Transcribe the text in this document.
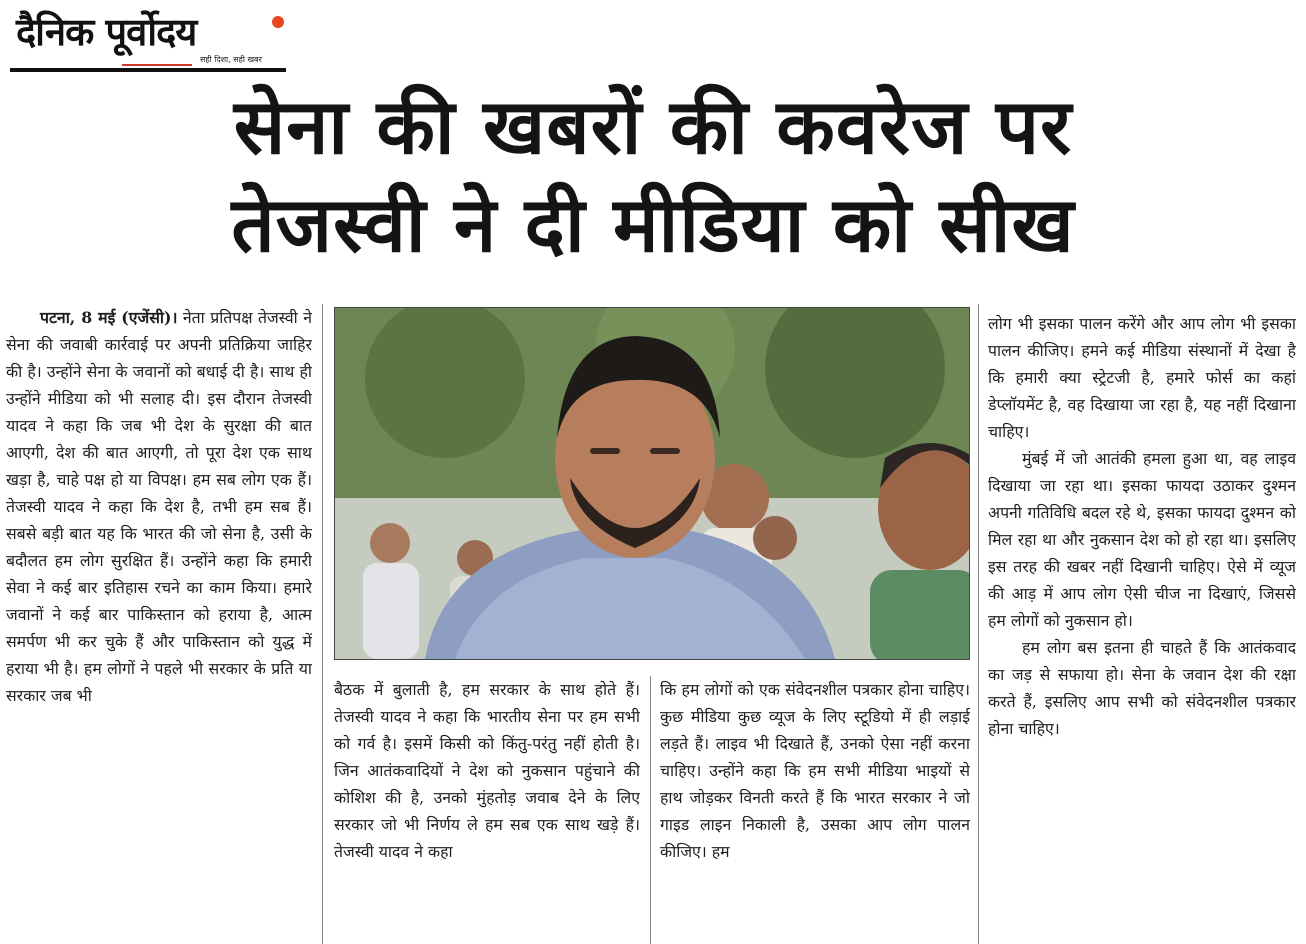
दैनिक पूर्वोदय
सही दिशा, सही खबर
सेना की खबरों की कवरेज पर
तेजस्वी ने दी मीडिया को सीख

पटना, 8 मई (एजेंसी)। नेता प्रतिपक्ष तेजस्वी ने सेना की जवाबी कार्रवाई पर अपनी प्रतिक्रिया जाहिर की है। उन्होंने सेना के जवानों को बधाई दी है। साथ ही उन्होंने मीडिया को भी सलाह दी। इस दौरान तेजस्वी यादव ने कहा कि जब भी देश के सुरक्षा की बात आएगी, देश की बात आएगी, तो पूरा देश एक साथ खड़ा है, चाहे पक्ष हो या विपक्ष। हम सब लोग एक हैं। तेजस्वी यादव ने कहा कि देश है, तभी हम सब हैं। सबसे बड़ी बात यह कि भारत की जो सेना है, उसी के बदौलत हम लोग सुरक्षित हैं। उन्होंने कहा कि हमारी सेवा ने कई बार इतिहास रचने का काम किया। हमारे जवानों ने कई बार पाकिस्तान को हराया है, आत्म समर्पण भी कर चुके हैं और पाकिस्तान को युद्ध में हराया भी है। हम लोगों ने पहले भी सरकार के प्रति या सरकार जब भी	बैठक में बुलाती है, हम सरकार के साथ होते हैं। तेजस्वी यादव ने कहा कि भारतीय सेना पर हम सभी को गर्व है। इसमें किसी को किंतु-परंतु नहीं होती है। जिन आतंकवादियों ने देश को नुकसान पहुंचाने की कोशिश की है, उनको मुंहतोड़ जवाब देने के लिए सरकार जो भी निर्णय ले हम सब एक साथ खड़े हैं। तेजस्वी यादव ने कहा

कि हम लोगों को एक संवेदनशील पत्रकार होना चाहिए। कुछ मीडिया कुछ व्यूज के लिए स्टूडियो में ही लड़ाई लड़ते हैं। लाइव भी दिखाते हैं, उनको ऐसा नहीं करना चाहिए। उन्होंने कहा कि हम सभी मीडिया भाइयों से हाथ जोड़कर विनती करते हैं कि भारत सरकार ने जो गाइड लाइन निकाली है, उसका आप लोग पालन कीजिए। हम

लोग भी इसका पालन करेंगे और आप लोग भी इसका पालन कीजिए। हमने कई मीडिया संस्थानों में देखा है कि हमारी क्या स्ट्रेटजी है, हमारे फोर्स का कहां डेप्लॉयमेंट है, वह दिखाया जा रहा है, यह नहीं दिखाना चाहिए।

मुंबई में जो आतंकी हमला हुआ था, वह लाइव दिखाया जा रहा था। इसका फायदा उठाकर दुश्मन अपनी गतिविधि बदल रहे थे, इसका फायदा दुश्मन को मिल रहा था और नुकसान देश को हो रहा था। इसलिए इस तरह की खबर नहीं दिखानी चाहिए। ऐसे में व्यूज की आड़ में आप लोग ऐसी चीज ना दिखाएं, जिससे हम लोगों को नुकसान हो।

हम लोग बस इतना ही चाहते हैं कि आतंकवाद का जड़ से सफाया हो। सेना के जवान देश की रक्षा करते हैं, इसलिए आप सभी को संवेदनशील पत्रकार होना चाहिए।
